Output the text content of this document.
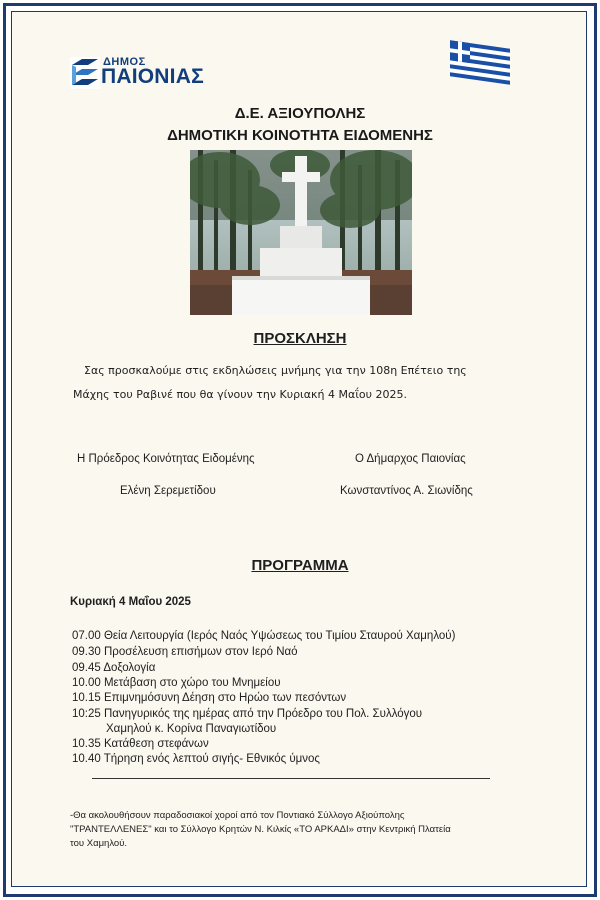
ΔΗΜΟΣ
ΠΑΙΟΝΙΑΣ
Δ.Ε. ΑΞΙΟΥΠΟΛΗΣ
ΔΗΜΟΤΙΚΗ ΚΟΙΝΟΤΗΤΑ ΕΙΔΟΜΕΝΗΣ
ΠΡΟΣΚΛΗΣΗ
Σας προσκαλούμε στις εκδηλώσεις μνήμης για την 108η Επέτειο της
Μάχης του Ραβινέ που θα γίνουν την Κυριακή 4 Μαΐου 2025.
Η Πρόεδρος Κοινότητας Ειδομένης
Ελένη Σερεμετίδου
Ο Δήμαρχος Παιονίας
Κωνσταντίνος Α. Σιωνίδης
ΠΡΟΓΡΑΜΜΑ
Κυριακή 4 Μαΐου 2025
07.00 Θεία Λειτουργία (Ιερός Ναός Υψώσεως του Τιμίου Σταυρού Χαμηλού)
09.30 Προσέλευση επισήμων στον Ιερό Ναό
09.45 Δοξολογία
10.00 Μετάβαση στο χώρο του Μνημείου
10.15 Επιμνημόσυνη Δέηση στο Ηρώο των πεσόντων
10:25 Πανηγυρικός της ημέρας από την Πρόεδρο του Πολ. Συλλόγου
Χαμηλού κ. Κορίνα Παναγιωτίδου
10.35 Κατάθεση στεφάνων
10.40 Τήρηση ενός λεπτού σιγής- Εθνικός ύμνος
-Θα ακολουθήσουν παραδοσιακοί χοροί από τον Ποντιακό Σύλλογο Αξιούπολης
"ΤΡΑΝΤΕΛΛΕΝΕΣ" και το Σύλλογο Κρητών Ν. Κιλκίς «ΤΟ ΑΡΚΑΔΙ» στην Κεντρική Πλατεία
του Χαμηλού.
